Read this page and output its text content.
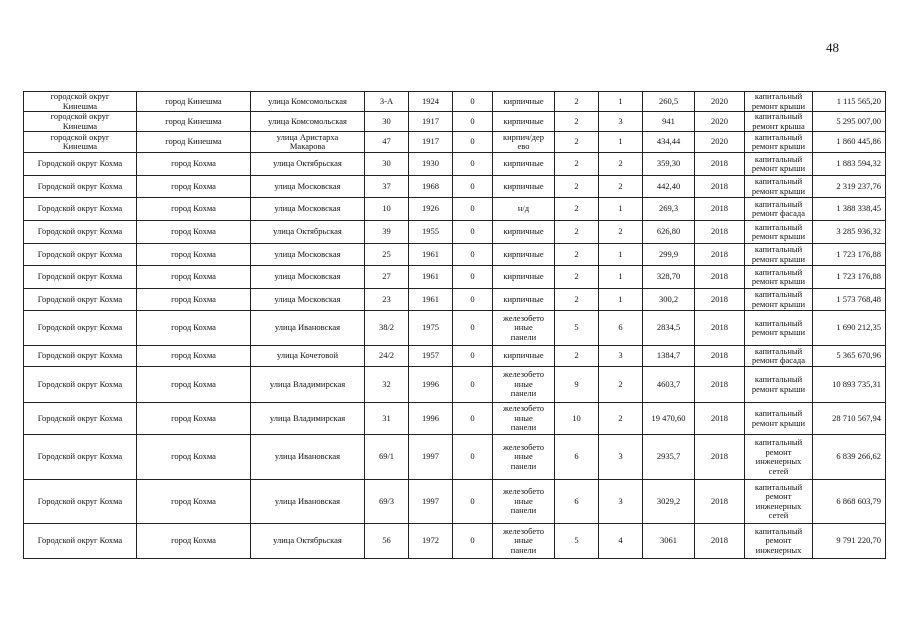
48
городской округ
Кинешма	город Кинешма	улица Комсомольская	3-А	1924	0	кирпичные	2	1	260,5	2020	капитальный
ремонт крыши	1 115 565,20
городской округ
Кинешма	город Кинешма	улица Комсомольская	30	1917	0	кирпичные	2	3	941	2020	капитальный
ремонт крыша	5 295 007,00
городской округ
Кинешма	город Кинешма	улица Аристарха
Макарова	47	1917	0	кирпич/дер
ево	2	1	434,44	2020	капитальный
ремонт крыши	1 860 445,86
Городской округ Кохма	город Кохма	улица Октябрьская	30	1930	0	кирпичные	2	2	359,30	2018	капитальный
ремонт крыши	1 883 594,32
Городской округ Кохма	город Кохма	улица Московская	37	1968	0	кирпичные	2	2	442,40	2018	капитальный
ремонт крыши	2 319 237,76
Городской округ Кохма	город Кохма	улица Московская	10	1926	0	н/д	2	1	269,3	2018	капитальный
ремонт фасада	1 388 338,45
Городской округ Кохма	город Кохма	улица Октябрьская	39	1955	0	кирпичные	2	2	626,80	2018	капитальный
ремонт крыши	3 285 936,32
Городской округ Кохма	город Кохма	улица Московская	25	1961	0	кирпичные	2	1	299,9	2018	капитальный
ремонт крыши	1 723 176,88
Городской округ Кохма	город Кохма	улица Московская	27	1961	0	кирпичные	2	1	328,70	2018	капитальный
ремонт крыши	1 723 176,88
Городской округ Кохма	город Кохма	улица Московская	23	1961	0	кирпичные	2	1	300,2	2018	капитальный
ремонт крыши	1 573 768,48
Городской округ Кохма	город Кохма	улица Ивановская	38/2	1975	0	железобето
нные
панели	5	6	2834,5	2018	капитальный
ремонт крыши	1 690 212,35
Городской округ Кохма	город Кохма	улица Кочетовой	24/2	1957	0	кирпичные	2	3	1384,7	2018	капитальный
ремонт фасада	5 365 670,96
Городской округ Кохма	город Кохма	улица Владимирская	32	1996	0	железобето
нные
панели	9	2	4603,7	2018	капитальный
ремонт крыши	10 893 735,31
Городской округ Кохма	город Кохма	улица Владимирская	31	1996	0	железобето
нные
панели	10	2	19 470,60	2018	капитальный
ремонт крыши	28 710 567,94
Городской округ Кохма	город Кохма	улица Ивановская	69/1	1997	0	железобето
нные
панели	6	3	2935,7	2018	капитальный
ремонт
инженерных
сетей	6 839 266,62
Городской округ Кохма	город Кохма	улица Ивановская	69/3	1997	0	железобето
нные
панели	6	3	3029,2	2018	капитальный
ремонт
инженерных
сетей	6 868 603,79
Городской округ Кохма	город Кохма	улица Октябрьская	56	1972	0	железобето
нные
панели	5	4	3061	2018	капитальный
ремонт
инженерных	9 791 220,70
